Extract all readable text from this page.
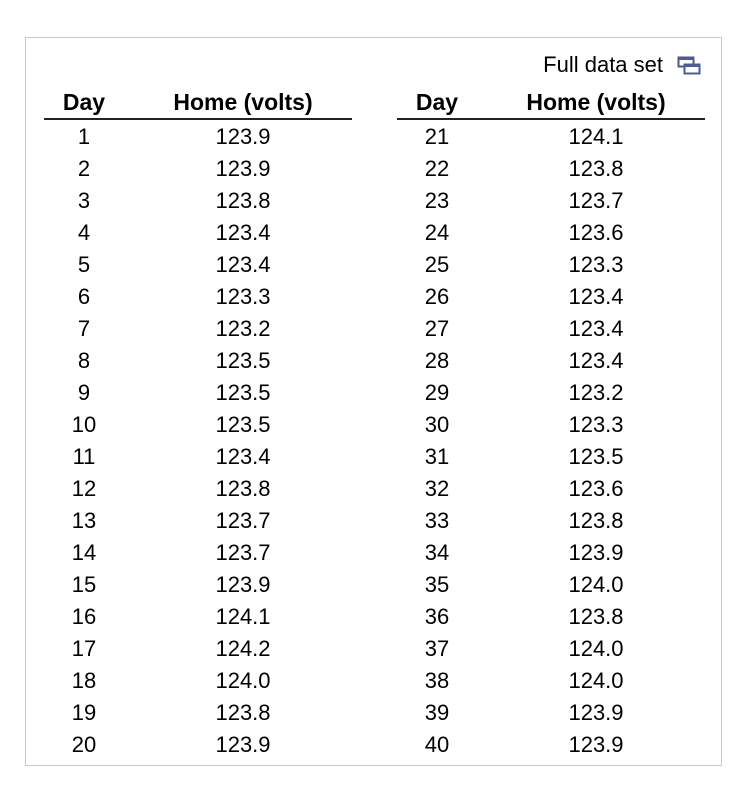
Full data set
Day	Home (volts)
1	123.9
2	123.9
3	123.8
4	123.4
5	123.4
6	123.3
7	123.2
8	123.5
9	123.5
10	123.5
11	123.4
12	123.8
13	123.7
14	123.7
15	123.9
16	124.1
17	124.2
18	124.0
19	123.8
20	123.9
Day	Home (volts)
21	124.1
22	123.8
23	123.7
24	123.6
25	123.3
26	123.4
27	123.4
28	123.4
29	123.2
30	123.3
31	123.5
32	123.6
33	123.8
34	123.9
35	124.0
36	123.8
37	124.0
38	124.0
39	123.9
40	123.9
